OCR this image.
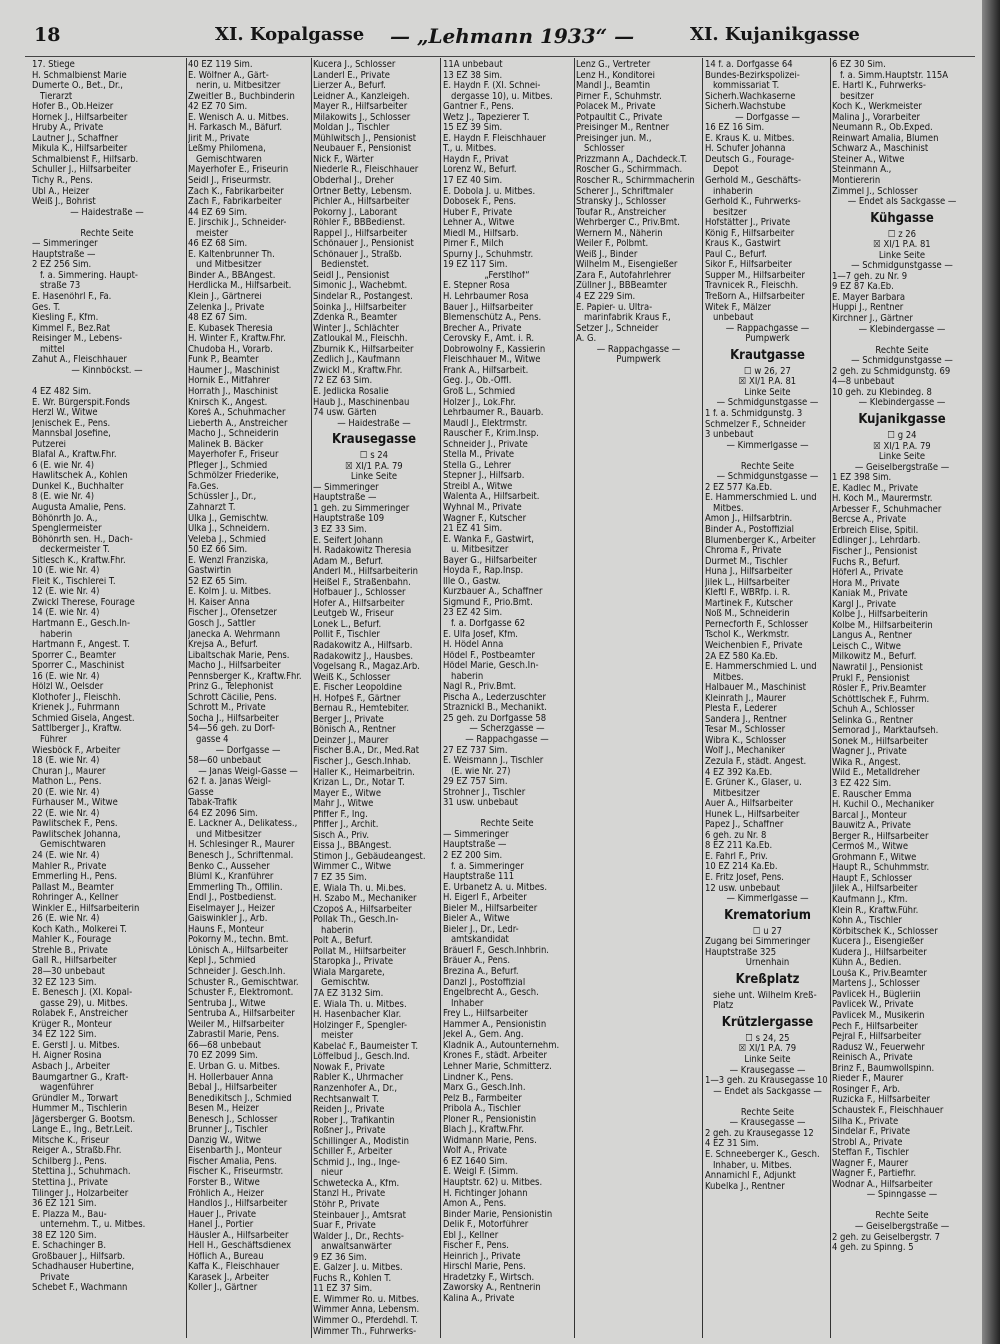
18	XI. Kopalgasse — „Lehmann 1933“ —	XI. Kujanikgasse
17. Stiege
H. Schmalbienst Marie
Dumerte O., Bet., Dr.,
Tierarzt
Hofer B., Ob.Heizer
Hornek J., Hilfsarbeiter
Hruby A., Private
Lautner J., Schaffner
Mikula K., Hilfsarbeiter
Schmalbienst F., Hilfsarb.
Schuller J., Hilfsarbeiter
Tichy R., Pens.
Ubl A., Heizer
Weiß J., Bohrist
— Haidestraße —

Rechte Seite
— Simmeringer
Hauptstraße —
2 EZ 256 Sim.
f. a. Simmering. Haupt-
straße 73
E. Hasenöhrl F., Fa.
Ges. T.
Kiesling F., Kfm.
Kimmel F., Bez.Rat
Reisinger M., Lebens-
mittel
Zahut A., Fleischhauer
— Kinnböckst. —

4 EZ 482 Sim.
E. Wr. Bürgerspit.Fonds
Herzl W., Witwe
Jenischek E., Pens.
Mannsbal Josefine,
Putzerei
Blafal A., Kraftw.Fhr.
6 (E. wie Nr. 4)
Hawlitschek A., Kohlen
Dunkel K., Buchhalter
8 (E. wie Nr. 4)
Augusta Amalie, Pens.
Böhönrth Jo. A.,
Spenglermeister
Böhönrth sen. H., Dach-
deckermeister T.
Sitlesch K., Kraftw.Fhr.
10 (E. wie Nr. 4)
Fleit K., Tischlerei T.
12 (E. wie Nr. 4)
Zwickl Therese, Fourage
14 (E. wie Nr. 4)
Hartmann E., Gesch.In-
haberin
Hartmann F., Angest. T.
Sporrer C., Beamter
Sporrer C., Maschinist
16 (E. wie Nr. 4)
Hölzl W., Oelsder
Klothofer J., Fleischh.
Krienek J., Fuhrmann
Schmied Gisela, Angest.
Sattlberger J., Kraftw.
Führer
Wiesböck F., Arbeiter
18 (E. wie Nr. 4)
Churan J., Maurer
Mathon L., Pens.
20 (E. wie Nr. 4)
Fürhauser M., Witwe
22 (E. wie Nr. 4)
Pawlitschek F., Pens.
Pawlitschek Johanna,
Gemischtwaren
24 (E. wie Nr. 4)
Mahler R., Private
Emmerling H., Pens.
Pallast M., Beamter
Rohringer A., Kellner
Winkler E., Hilfsarbeiterin
26 (E. wie Nr. 4)
Koch Kath., Molkerei T.
Mahler K., Fourage
Strehle B., Private
Gall R., Hilfsarbeiter
28—30 unbebaut
32 EZ 123 Sim.
E. Benesch J. (XI. Kopal-
gasse 29), u. Mitbes.
Rolabek F., Anstreicher
Krüger R., Monteur
34 EZ 122 Sim.
E. Gerstl J. u. Mitbes.
H. Aigner Rosina
Asbach J., Arbeiter
Baumgartner G., Kraft-
wagenführer
Gründler M., Torwart
Hummer M., Tischlerin
Jägersberger G. Bootsm.
Lange E., Ing., Betr.Leit.
Mitsche K., Friseur
Reiger A., Straßb.Fhr.
Schilberg J., Pens.
Stettina J., Schuhmach.
Stettina J., Private
Tilinger J., Holzarbeiter
36 EZ 121 Sim.
E. Plazza M., Bau-
unternehm. T., u. Mitbes.
38 EZ 120 Sim.
E. Schachinger B.
Großbauer J., Hilfsarb.
Schadhauser Hubertine,
Private
Schebet F., Wachmann
40 EZ 119 Sim.
E. Wölfner A., Gärt-
nerin, u. Mitbesitzer
Zweitler B., Buchbinderin
42 EZ 70 Sim.
E. Wenisch A. u. Mitbes.
H. Farkasch M., Bäfurf.
Jirit M., Private
Leßmy Philomena,
Gemischtwaren
Mayerhofer E., Friseurin
Seidl J., Friseurmstr.
Zach K., Fabrikarbeiter
Zach F., Fabrikarbeiter
44 EZ 69 Sim.
E. Jirschik J., Schneider-
meister
46 EZ 68 Sim.
E. Kaltenbrunner Th.
und Mitbesitzer
Binder A., BBAngest.
Herdlicka M., Hilfsarbeit.
Klein J., Gärtnerei
Zelenka J., Private
48 EZ 67 Sim.
E. Kubasek Theresia
H. Winter F., Kraftw.Fhr.
Chudoba H., Vorarb.
Funk P., Beamter
Haumer J., Maschinist
Hornik E., Mitfahrer
Horrath J., Maschinist
Knirsch K., Angest.
Koreš A., Schuhmacher
Lieberth A., Anstreicher
Macho J., Schneiderin
Malinek B. Bäcker
Mayerhofer F., Friseur
Pfleger J., Schmied
Schmölzer Friederike,
Fa.Ges.
Schüssler J., Dr.,
Zahnarzt T.
Ulka J., Gemischtw.
Ulka J., Schneidern.
Veleba J., Schmied
50 EZ 66 Sim.
E. Wenzl Franziska,
Gastwirtin
52 EZ 65 Sim.
E. Kolm J. u. Mitbes.
H. Kaiser Anna
Fischer J., Ofensetzer
Gosch J., Sattler
Janecka A. Wehrmann
Krejsa A., Befurf.
Libaltschak Marie, Pens.
Macho J., Hilfsarbeiter
Pennsberger K., Kraftw.Fhr.
Prinz G., Telephonist
Schrott Cäcilie, Pens.
Schrott M., Private
Socha J., Hilfsarbeiter
54—56 geh. zu Dorf-
gasse 4
— Dorfgasse —
58—60 unbebaut
— Janas Weigl-Gasse —
62 f. a. Janas Weigl-
Gasse
Tabak-Trafik
64 EZ 2096 Sim.
E. Lackner A., Delikatess.,
und Mitbesitzer
H. Schlesinger R., Maurer
Benesch J., Schriftenmal.
Benko C., Ausseher
Blüml K., Kranführer
Emmerling Th., Offilin.
Endl J., Postbedienst.
Eiselmayer J., Heizer
Gaiswinkler J., Arb.
Hauns F., Monteur
Pokorny M., techn. Bmt.
Lönisch A., Hilfsarbeiter
Kepl J., Schmied
Schneider J. Gesch.Inh.
Schuster R., Gemischtwar.
Schuster F., Elektromont.
Sentruba J., Witwe
Sentruba A., Hilfsarbeiter
Weiler M., Hilfsarbeiter
Zabrastil Marie, Pens.
66—68 unbebaut
70 EZ 2099 Sim.
E. Urban G. u. Mitbes.
H. Hollerbauer Anna
Bebal J., Hilfsarbeiter
Benedikitsch J., Schmied
Besen M., Heizer
Benesch J., Schlosser
Brunner J., Tischler
Danzig W., Witwe
Eisenbarth J., Monteur
Fischer Amalia, Pens.
Fischer K., Friseurmstr.
Forster B., Witwe
Fröhlich A., Heizer
Handlos J., Hilfsarbeiter
Hauer J., Private
Hanel J., Portier
Häusler A., Hilfsarbeiter
Hell H., Geschäftsdienex
Höflich A., Bureau
Kaffa K., Fleischhauer
Karasek J., Arbeiter
Koller J., Gärtner
Kucera J., Schlosser
Landerl E., Private
Lierzer A., Befurf.
Leidner A., Kanzleigeh.
Mayer R., Hilfsarbeiter
Milakowits J., Schlosser
Moldan J., Tischler
Mühlwitsch J., Pensionist
Neubauer F., Pensionist
Nick F., Wärter
Niederle R., Fleischhauer
Obderhal J., Dreher
Ortner Betty, Lebensm.
Pichler A., Hilfsarbeiter
Pokorny J., Laborant
Röhler F., BBBedienst.
Rappel J., Hilfsarbeiter
Schönauer J., Pensionist
Schönauer J., Straßb.
Bedienstet.
Seidl J., Pensionist
Simonic J., Wachebmt.
Sindelar R., Postangest.
Soinka J., Hilfsarbeiter
Zdenka R., Beamter
Winter J., Schlächter
Zatloukal M., Fleischh.
Zburnik K., Hilfsarbeiter
Zedlich J., Kaufmann
Zwickl M., Kraftw.Fhr.
72 EZ 63 Sim.
E. Jedlicka Rosalie
Haub J., Maschinenbau
74 usw. Gärten
— Haidestraße —
Krausegasse
☐ s 24
☒ XI/1 P.A. 79
Linke Seite
— Simmeringer
Hauptstraße —
1 geh. zu Simmeringer
Hauptstraße 109
3 EZ 33 Sim.
E. Seifert Johann
H. Radakowitz Theresia
Adam M., Befurf.
Anderl M., Hilfsarbeiterin
Heißel F., Straßenbahn.
Hofbauer J., Schlosser
Hofer A., Hilfsarbeiter
Leutgeb W., Friseur
Lonek L., Befurf.
Pollit F., Tischler
Radakowitz A., Hilfsarb.
Radakowitz J., Hausbes.
Vogelsang R., Magaz.Arb.
Weiß K., Schlosser
E. Fischer Leopoldine
H. Hofpeš F., Gärtner
Bernau R., Hemtebiter.
Berger J., Private
Bönisch A., Rentner
Deinzer J., Maurer
Fischer B.A., Dr., Med.Rat
Fischer J., Gesch.Inhab.
Haller K., Heimarbeitrin.
Krizan L., Dr., Notar T.
Mayer E., Witwe
Mahr J., Witwe
Pfiffer F., Ing.
Pfiffer J., Archit.
Sisch A., Priv.
Eissa J., BBAngest.
Stimon J., Gebäudeangest.
Wimmer C., Witwe
7 EZ 35 Sim.
E. Wiala Th. u. Mi.bes.
H. Szabo M., Mechaniker
Czopoš A., Hilfsarbeiter
Pollak Th., Gesch.In-
haberin
Polt A., Befurf.
Pollat M., Hilfsarbeiter
Staropka J., Private
Wiala Margarete,
Gemischtw.
7A EZ 3132 Sim.
E. Wiala Th. u. Mitbes.
H. Hasenbacher Klar.
Holzinger F., Spengler-
meister
Kabelač F., Baumeister T.
Löffelbud J., Gesch.Ind.
Nowak F., Private
Rabler K., Uhrmacher
Ranzenhofer A., Dr.,
Rechtsanwalt T.
Reiden J., Private
Rober J., Trafikantin
Roßner J., Private
Schillinger A., Modistin
Schiller F., Arbeiter
Schmid J., Ing., Inge-
nieur
Schwetecka A., Kfm.
Stanzl H., Private
Stöhr P., Private
Steinbauer J., Amtsrat
Suar F., Private
Walder J., Dr., Rechts-
anwaltsanwärter
9 EZ 36 Sim.
E. Galzer J. u. Mitbes.
Fuchs R., Kohlen T.
11 EZ 37 Sim.
E. Wimmer Ro. u. Mitbes.
Wimmer Anna, Lebensm.
Wimmer O., Pferdehdl. T.
Wimmer Th., Fuhrwerks-
11A unbebaut
13 EZ 38 Sim.
E. Haydn F. (XI. Schnei-
dergasse 10), u. Mitbes.
Gantner F., Pens.
Wetz J., Tapezierer T.
15 EZ 39 Sim.
E. Haydn F. Fleischhauer
T., u. Mitbes.
Haydn F., Privat
Lorenz W., Befurf.
17 EZ 40 Sim.
E. Dobola J. u. Mitbes.
Dobosek F., Pens.
Huber F., Private
Lehner A., Witwe
Miedl M., Hilfsarb.
Pirner F., Milch
Spurny J., Schuhmstr.
19 EZ 117 Sim.
„Ferstlhof“
E. Stepner Rosa
H. Lehrbaumer Rosa
Bauer J., Hilfsarbeiter
Blemenschütz A., Pens.
Brecher A., Private
Cerovsky F., Amt. i. R.
Dobrowolny F., Kassierin
Fleischhauer M., Witwe
Frank A., Hilfsarbeit.
Geg. J., Ob.-Offl.
Groß L., Schmied
Holzer J., Lok.Fhr.
Lehrbaumer R., Bauarb.
Maudl J., Elektrmstr.
Rauscher F., Krim.Insp.
Schneider J., Private
Stella M., Private
Stella G., Lehrer
Stepner J., Hilfsarb.
Streibl A., Witwe
Walenta A., Hilfsarbeit.
Wyhnal M., Private
Wagner F., Kutscher
21 EZ 41 Sim.
E. Wanka F., Gastwirt,
u. Mitbesitzer
Bayer G., Hilfsarbeiter
Hoyda F., Rap.Insp.
Ille O., Gastw.
Kurzbauer A., Schaffner
Sigmund F., Prio.Bmt.
23 EZ 42 Sim.
f. a. Dorfgasse 62
E. Ulfa Josef, Kfm.
H. Hödel Anna
Hödel F., Postbeamter
Hödel Marie, Gesch.In-
haberin
Nagl R., Priv.Bmt.
Pischa A., Lederzuschter
Straznickl B., Mechanikt.
25 geh. zu Dorfgasse 58
— Scherzgasse —
— Rappachgasse —
27 EZ 737 Sim.
E. Weismann J., Tischler
(E. wie Nr. 27)
29 EZ 757 Sim.
Strohner J., Tischler
31 usw. unbebaut

Rechte Seite
— Simmeringer
Hauptstraße —
2 EZ 200 Sim.
f. a. Simmeringer
Hauptstraße 111
E. Urbanetz A. u. Mitbes.
H. Eigerl F., Arbeiter
Bieler M., Hilfsarbeiter
Bieler A., Witwe
Bieler J., Dr., Ledr-
amtskandidat
Bräuerl F., Gesch.Inhbrin.
Bräuer A., Pens.
Brezina A., Befurf.
Danzl J., Postoffizial
Engelbrecht A., Gesch.
Inhaber
Frey L., Hilfsarbeiter
Hammer A., Pensionistin
Jekel A., Gem. Ang.
Kladnik A., Autounternehm.
Krones F., städt. Arbeiter
Lehner Marie, Schmitterz.
Lindner K., Pens.
Marx G., Gesch.Inh.
Pelz B., Farmbeiter
Pribola A., Tischler
Ploner R., Pensionistin
Blach J., Kraftw.Fhr.
Widmann Marie, Pens.
Wolf A., Private
6 EZ 1640 Sim.
E. Weigl F. (Simm.
Hauptstr. 62) u. Mitbes.
H. Fichtinger Johann
Amon A., Pens.
Binder Marie, Pensionistin
Delik F., Motorführer
Ebl J., Kellner
Fischer F., Pens.
Heinrich J., Private
Hirschl Marie, Pens.
Hradetzky F., Wirtsch.
Zaworsky A., Rentnerin
Kalina A., Private
Lenz G., Vertreter
Lenz H., Konditorei
Mandl J., Beamtin
Pirner F., Schuhmstr.
Polacek M., Private
Potpaultit C., Private
Preisinger M., Rentner
Preisinger jun. M.,
Schlosser
Prizzmann A., Dachdeck.T.
Roscher G., Schirmmach.
Roscher R., Schirmmacherin
Scherer J., Schriftmaler
Stransky J., Schlosser
Toufar R., Anstreicher
Wehrberger C., Priv.Bmt.
Wernern M., Näherin
Weiler F., Polbmt.
Weiß J., Binder
Wilhelm M., Eisengießer
Zara F., Autofahrlehrer
Züllner J., BBBeamter
4 EZ 229 Sim.
E. Papier- u. Ultra-
marinfabrik Kraus F.,
Setzer J., Schneider
A. G.
— Rappachgasse —
Pumpwerk

14 f. a. Dorfgasse 64
Bundes-Bezirkspolizei-
kommissariat T.
Sicherh.Wachkaserne
Sicherh.Wachstube
— Dorfgasse —
16 EZ 16 Sim.
E. Kraus K. u. Mitbes.
H. Schufer Johanna
Deutsch G., Fourage-
Depot
Gerhold M., Geschäfts-
inhaberin
Gerhold K., Fuhrwerks-
besitzer
Hofstätter J., Private
König F., Hilfsarbeiter
Kraus K., Gastwirt
Paul C., Befurf.
Sikor F., Hilfsarbeiter
Supper M., Hilfsarbeiter
Travnicek R., Fleischh.
Treßorn A., Hilfsarbeiter
Witek F., Mälzer
unbebaut
— Rappachgasse —
Pumpwerk
Krautgasse
☐ w 26, 27
☒ XI/1 P.A. 81
Linke Seite
— Schmidgunstgasse —
1 f. a. Schmidgunstg. 3
Schmelzer F., Schneider
3 unbebaut
— Kimmerlgasse —

Rechte Seite
— Schmidgunstgasse —
2 EZ 577 Ka.Eb.
E. Hammerschmied L. und
Mitbes.
Amon J., Hilfsarbtrin.
Binder A., Postoffizial
Blumenberger K., Arbeiter
Chroma F., Private
Durmet M., Tischler
Huna J., Hilfsarbeiter
Jilek L., Hilfsarbeiter
Kleftl F., WBRfp. i. R.
Martinek F., Kutscher
Noß M., Schneiderin
Pernecforth F., Schlosser
Tschol K., Werkmstr.
Weichenbien F., Private
2A EZ 580 Ka.Eb.
E. Hammerschmied L. und
Mitbes.
Halbauer M., Maschinist
Kleinrath J., Maurer
Plesta F., Lederer
Sandera J., Rentner
Tesar M., Schlosser
Wibra K., Schlosser
Wolf J., Mechaniker
Zezula F., städt. Angest.
4 EZ 392 Ka.Eb.
E. Grüner K., Glaser, u.
Mitbesitzer
Auer A., Hilfsarbeiter
Hunek L., Hilfsarbeiter
Papez J., Schaffner
6 geh. zu Nr. 8
8 EZ 211 Ka.Eb.
E. Fahrl F., Priv.
10 EZ 214 Ka.Eb.
E. Fritz Josef, Pens.
12 usw. unbebaut
— Kimmerlgasse —
Krematorium
☐ u 27
Zugang bei Simmeringer
Hauptstraße 325
Urnenhain
Kreßplatz
siehe unt. Wilhelm Kreß-
Platz
Krützlergasse
☐ s 24, 25
☒ XI/1 P.A. 79
Linke Seite
— Krausegasse —
1—3 geh. zu Krausegasse 10
— Endet als Sackgasse —

Rechte Seite
— Krausegasse —
2 geh. zu Krausegasse 12
4 EZ 31 Sim.
E. Schneeberger K., Gesch.
Inhaber, u. Mitbes.
Annamichl F., Adjunkt
Kubelka J., Rentner
6 EZ 30 Sim.
f. a. Simm.Hauptstr. 115A
E. Hartl K., Fuhrwerks-
besitzer
Koch K., Werkmeister
Malina J., Vorarbeiter
Neumann R., Ob.Exped.
Reinwart Amalia, Blumen
Schwarz A., Maschinist
Steiner A., Witwe
Steinmann A.,
Montiererin
Zimmel J., Schlosser
— Endet als Sackgasse —
Kühgasse
☐ z 26
☒ XI/1 P.A. 81
Linke Seite
— Schmidgunstgasse —
1—7 geh. zu Nr. 9
9 EZ 87 Ka.Eb.
E. Mayer Barbara
Huppi J., Rentner
Kirchner J., Gärtner
— Klebindergasse —

Rechte Seite
— Schmidgunstgasse —
2 geh. zu Schmidgunstg. 69
4—8 unbebaut
10 geh. zu Klebindeg. 8
— Klebindergasse —
Kujanikgasse
☐ g 24
☒ XI/1 P.A. 79
Linke Seite
— Geiselbergstraße —
1 EZ 398 Sim.
E. Kadlec M., Private
H. Koch M., Maurermstr.
Arbesser F., Schuhmacher
Bercse A., Private
Erbreich Elise, Spitil.
Edlinger J., Lehrdarb.
Fischer J., Pensionist
Fuchs R., Befurf.
Höferl A., Private
Hora M., Private
Kaniak M., Private
Kargl J., Private
Kolbe J., Hilfsarbeiterin
Kolbe M., Hilfsarbeiterin
Langus A., Rentner
Leisch C., Witwe
Milkowitz M., Befurf.
Nawratil J., Pensionist
Prukl F., Pensionist
Rösler F., Priv.Beamter
Schöttlschek F., Fuhrm.
Schuh A., Schlosser
Selinka G., Rentner
Semorad J., Marktaufseh.
Sonek M., Hilfsarbeiter
Wagner J., Private
Wika R., Angest.
Wild E., Metalldreher
3 EZ 422 Sim.
E. Rauscher Emma
H. Kuchil O., Mechaniker
Barcal J., Monteur
Bauwitz A., Private
Berger R., Hilfsarbeiter
Cermoš M., Witwe
Grohmann F., Witwe
Haupt R., Schuhmmstr.
Haupt F., Schlosser
Jilek A., Hilfsarbeiter
Kaufmann J., Kfm.
Klein R., Kraftw.Führ.
Kohn A., Tischler
Körbitschek K., Schlosser
Kucera J., Eisengießer
Kudera J., Hilfsarbeiter
Kühn A., Bedien.
Louša K., Priv.Beamter
Martens J., Schlosser
Pavlicek H., Bügleriin
Pavlicek W., Private
Pavlicek M., Musikerin
Pech F., Hilfsarbeiter
Pejral F., Hilfsarbeiter
Radusz W., Feuerwehr
Reinisch A., Private
Brinz F., Baumwollspinn.
Rieder F., Maurer
Rosinger F., Arb.
Ruzicka F., Hilfsarbeiter
Schaustek F., Fleischhauer
Silha K., Private
Sindelar F., Private
Strobl A., Private
Steffan F., Tischler
Wagner F., Maurer
Wagner F., Partiefhr.
Wodnar A., Hilfsarbeiter
— Spinngasse —

Rechte Seite
— Geiselbergstraße —
2 geh. zu Geiselbergstr. 7
4 geh. zu Spinng. 5
